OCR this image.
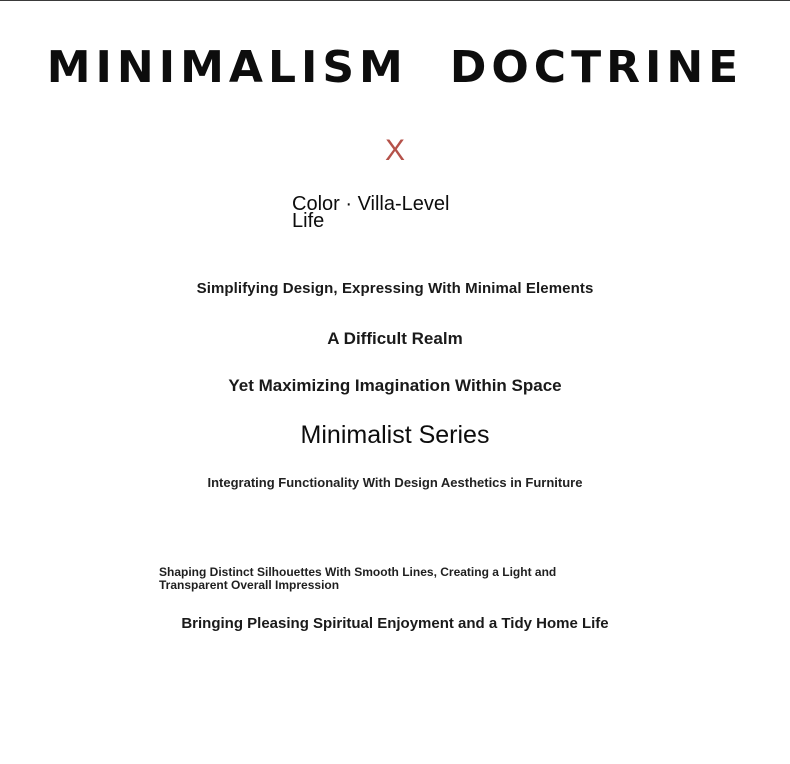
MINIMALISM DOCTRINE
X
Color · Villa-Level Life
Simplifying Design, Expressing With Minimal Elements
A Difficult Realm
Yet Maximizing Imagination Within Space
Minimalist Series
Integrating Functionality With Design Aesthetics in Furniture
Shaping Distinct Silhouettes With Smooth Lines, Creating a Light and Transparent Overall Impression
Bringing Pleasing Spiritual Enjoyment and a Tidy Home Life
